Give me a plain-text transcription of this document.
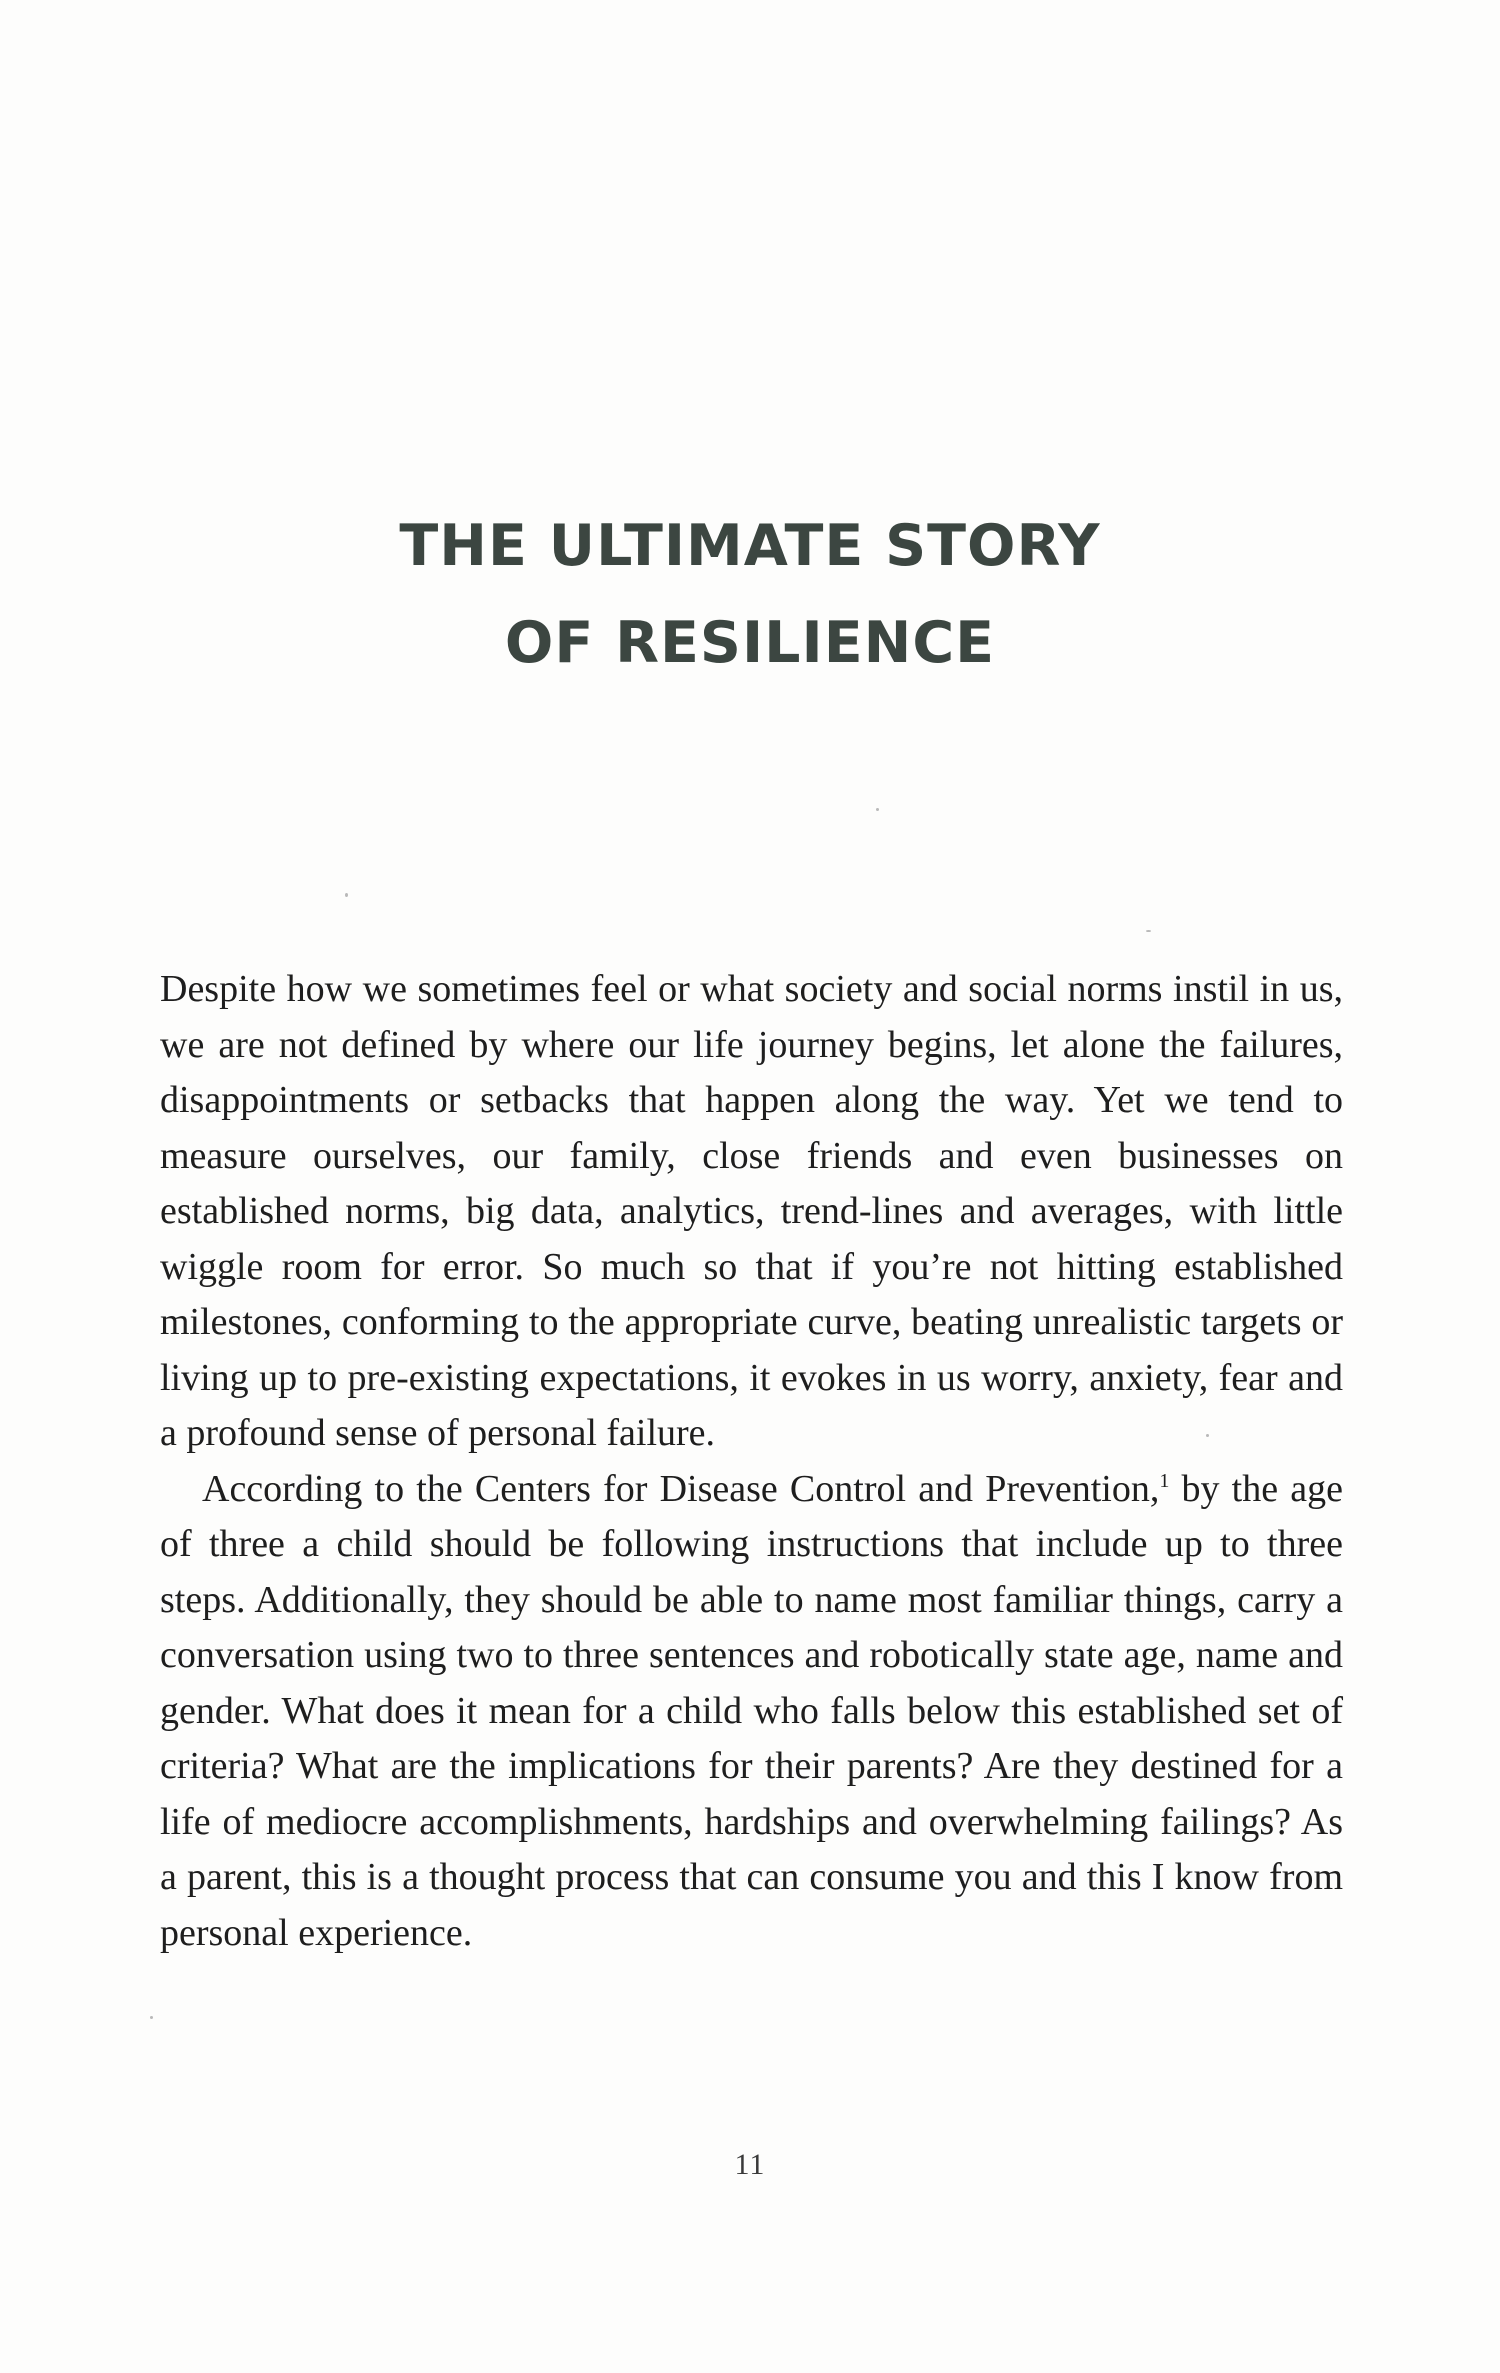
THE ULTIMATE STORY
OF RESILIENCE

Despite how we sometimes feel or what society and social norms instil in us, we are not defined by where our life journey begins, let alone the failures, disappointments or setbacks that happen along the way. Yet we tend to measure ourselves, our family, close friends and even businesses on established norms, big data, analytics, trend-lines and averages, with little wiggle room for error. So much so that if you’re not hitting established milestones, conforming to the appropriate curve, beating unrealistic targets or living up to pre-existing expectations, it evokes in us worry, anxiety, fear and a profound sense of personal failure.

According to the Centers for Disease Control and Prevention,$^1$ by the age of three a child should be following instructions that include up to three steps. Additionally, they should be able to name most familiar things, carry a conversation using two to three sentences and robotically state age, name and gender. What does it mean for a child who falls below this established set of criteria? What are the implications for their parents? Are they destined for a life of mediocre accomplishments, hardships and overwhelming failings? As a parent, this is a thought process that can consume you and this I know from personal experience.

11
